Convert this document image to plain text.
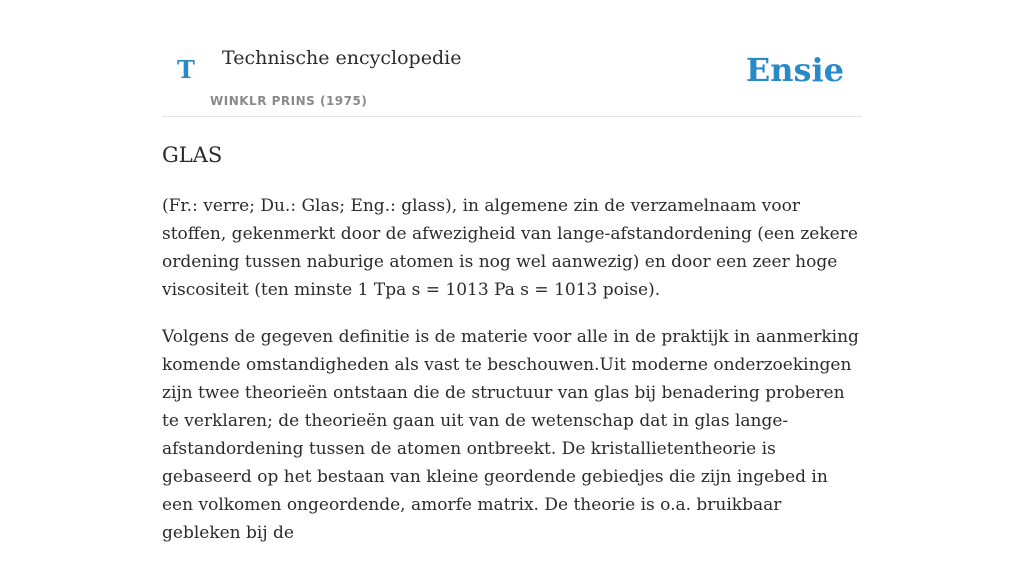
T Technische encyclopedie
WINKLR PRINS (1975)
Ensie
GLAS

(Fr.: verre; Du.: Glas; Eng.: glass), in algemene zin de verzamelnaam voor stoffen, gekenmerkt door de afwezigheid van lange-afstandordening (een zekere ordening tussen naburige atomen is nog wel aanwezig) en door een zeer hoge viscositeit (ten minste 1 Tpa s = 1013 Pa s = 1013 poise).

Volgens de gegeven definitie is de materie voor alle in de praktijk in aanmerking komende omstandigheden als vast te beschouwen.Uit moderne onderzoekingen zijn twee theorieën ontstaan die de structuur van glas bij benadering proberen te verklaren; de theorieën gaan uit van de wetenschap dat in glas lange-afstandordening tussen de atomen ontbreekt. De kristallietentheorie is gebaseerd op het bestaan van kleine geordende gebiedjes die zijn ingebed in een volkomen ongeordende, amorfe matrix. De theorie is o.a. bruikbaar gebleken bij de
